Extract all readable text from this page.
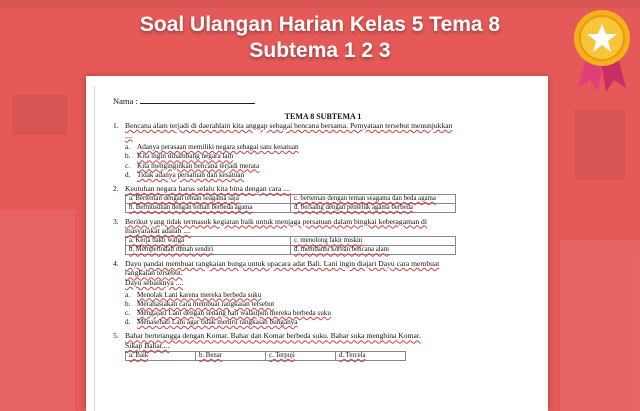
Soal Ulangan Harian Kelas 5 Tema 8
Subtema 1 2 3
Nama :
TEMA 8 SUBTEMA 1
1. Bencana alam terjadi di daerahlain kita anggap sebagai bencana bersama. Pemyataan tersebut menunjukkan
....
a. Adanya perasaan memiliki negara sebagai satu kesatuan
b. Kita ingin dinambang negara lain
c. Kita menginginkan bencana terjadi merata
d. Tidak adanya persatuan dan kesatuan
2. Keutuhan negara harus selalu kita bina dengan cara ....
a. Berteman dengan teman seagama saja	c. berteman dengan teman seagama dan beda agama
b. Bermusuhan dengan teman berbeda agama	d. bersaing dengan pemeluk agama berbeda
3. Berikut yang tidak termasuk kegiatan baik untuk menjaga persatuan dalam bingkai keberagaman di
masyarakat adalah ....
a. Kerja bakti warga	c. menolong fakir miskin
b. Memperindah rumah sendiri	d. membantu korban bencana alam
4. Dayu pandai membuat rangkaian bunga untuk upacara adat Bali. Lani ingin diajari Dayu cara membuat
rangkaian tersebut.
Dayu sebaiknya ....
a. Menolak Lani karena mereka berbeda suku
b. Merahasiakan cara membuat rangkaian tersebut
c. Mengajari Lani dengan senang hati walaupun mereka berbeda suku
d. Menasehati Lani agar tidak meniru rangkaian bunganya
5. Bahar bertetangga dengan Komar. Bahar dan Komar berbeda suku. Bahar suka menghina Komar.
Sikap Bahar....
a. Baik	b. Benar	c. Terpuji	d. Tercela
